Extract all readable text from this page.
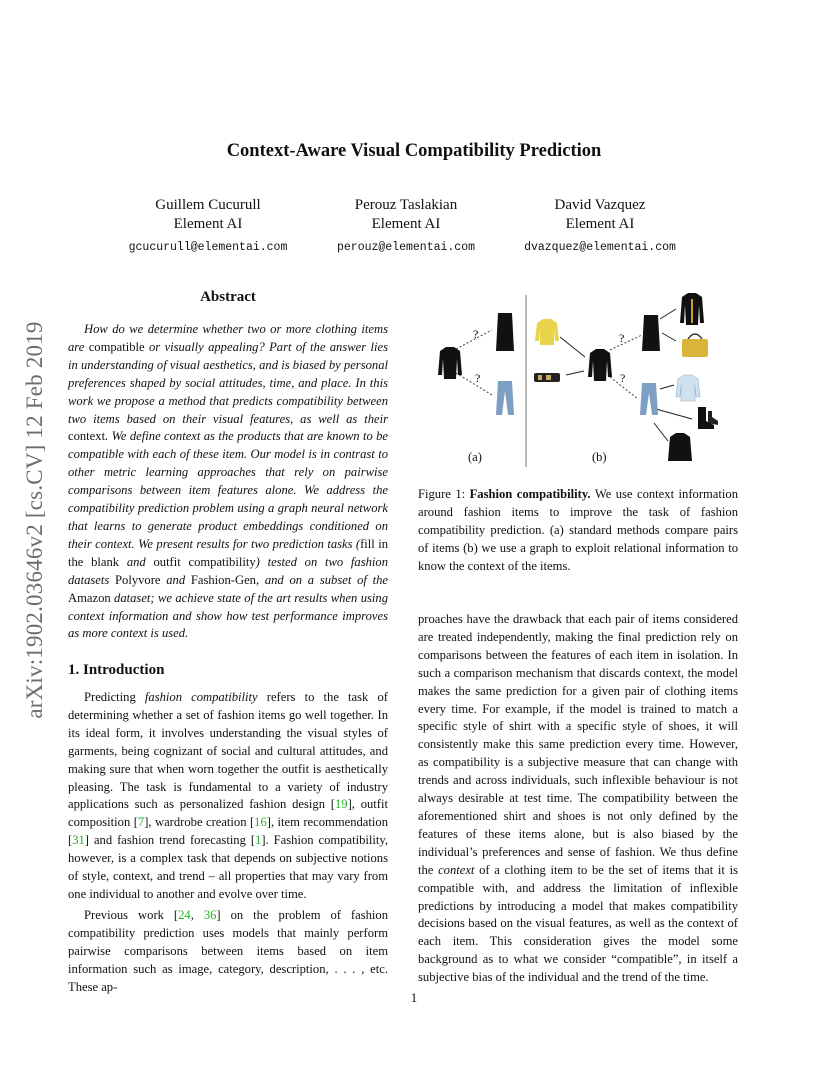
Context-Aware Visual Compatibility Prediction
Guillem Cucurull
Element AI
gcucurull@elementai.com
Perouz Taslakian
Element AI
perouz@elementai.com
David Vazquez
Element AI
dvazquez@elementai.com
arXiv:1902.03646v2 [cs.CV] 12 Feb 2019
Abstract

How do we determine whether two or more clothing items are compatible or visually appealing? Part of the answer lies in understanding of visual aesthetics, and is biased by personal preferences shaped by social attitudes, time, and place. In this work we propose a method that predicts compatibility between two items based on their visual features, as well as their context. We define context as the products that are known to be compatible with each of these item. Our model is in contrast to other metric learning approaches that rely on pairwise comparisons between item features alone. We address the compatibility prediction problem using a graph neural network that learns to generate product embeddings conditioned on their context. We present results for two prediction tasks (fill in the blank and outfit compatibility) tested on two fashion datasets Polyvore and Fashion-Gen, and on a subset of the Amazon dataset; we achieve state of the art results when using context information and show how test performance improves as more context is used.

1. Introduction

Predicting fashion compatibility refers to the task of determining whether a set of fashion items go well together. In its ideal form, it involves understanding the visual styles of garments, being cognizant of social and cultural attitudes, and making sure that when worn together the outfit is aesthetically pleasing. The task is fundamental to a variety of industry applications such as personalized fashion design [19], outfit composition [7], wardrobe creation [16], item recommendation [31] and fashion trend forecasting [1]. Fashion compatibility, however, is a complex task that depends on subjective notions of style, context, and trend – all properties that may vary from one individual to another and evolve over time.

Previous work [24, 36] on the problem of fashion compatibility prediction uses models that mainly perform pairwise comparisons between items based on item information such as image, category, description, . . . , etc. These ap-

?
?
?
?
(a)	(b)
Figure 1: Fashion compatibility. We use context information around fashion items to improve the task of fashion compatibility prediction. (a) standard methods compare pairs of items (b) we use a graph to exploit relational information to know the context of the items.

proaches have the drawback that each pair of items considered are treated independently, making the final prediction rely on comparisons between the features of each item in isolation. In such a comparison mechanism that discards context, the model makes the same prediction for a given pair of clothing items every time. For example, if the model is trained to match a specific style of shirt with a specific style of shoes, it will consistently make this same prediction every time. However, as compatibility is a subjective measure that can change with trends and across individuals, such inflexible behaviour is not always desirable at test time. The compatibility between the aforementioned shirt and shoes is not only defined by the features of these items alone, but is also biased by the individual’s preferences and sense of fashion. We thus define the context of a clothing item to be the set of items that it is compatible with, and address the limitation of inflexible predictions by introducing a model that makes compatibility decisions based on the visual features, as well as the context of each item. This consideration gives the model some background as to what we consider “compatible”, in itself a subjective bias of the individual and the trend of the time.

1
